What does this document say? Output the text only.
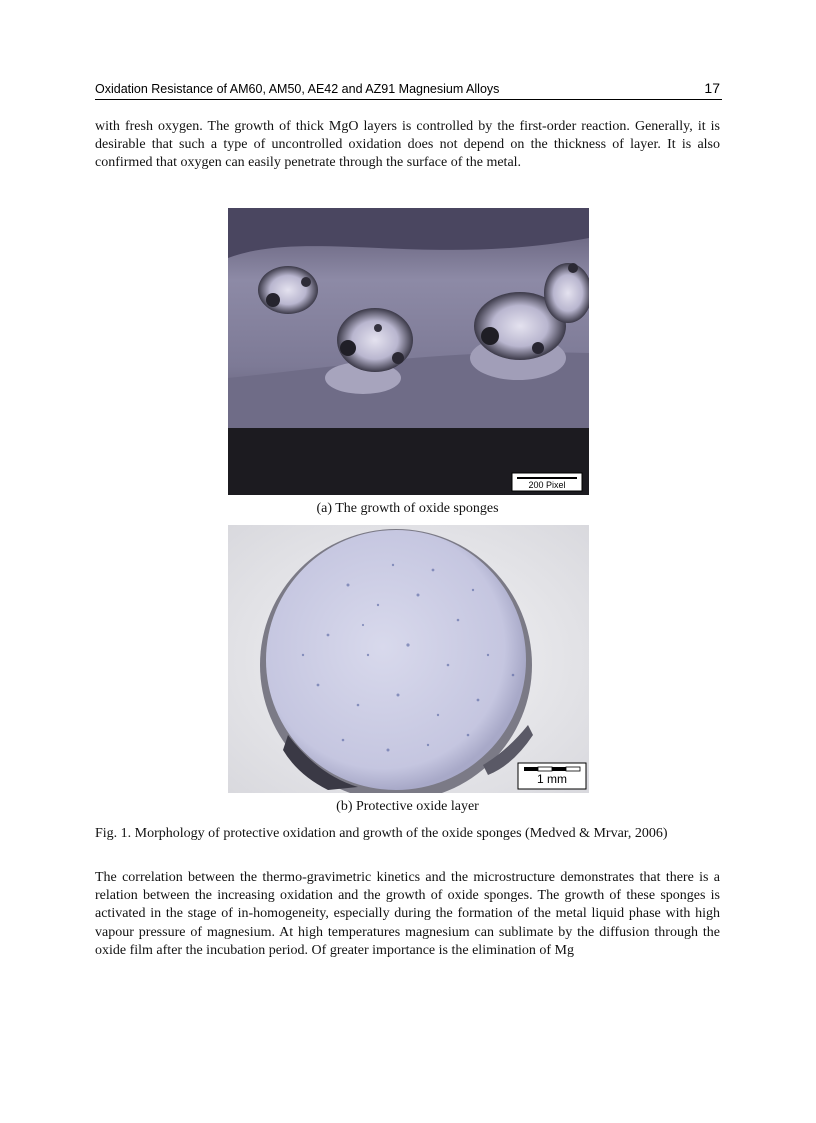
Oxidation Resistance of AM60, AM50, AE42 and AZ91 Magnesium Alloys	17

with fresh oxygen. The growth of thick MgO layers is controlled by the first-order reaction. Generally, it is desirable that such a type of uncontrolled oxidation does not depend on the thickness of layer. It is also confirmed that oxygen can easily penetrate through the surface of the metal.

200 Pixel
(a) The growth of oxide sponges
1 mm
(b) Protective oxide layer
Fig. 1. Morphology of protective oxidation and growth of the oxide sponges (Medved & Mrvar, 2006)

The correlation between the thermo-gravimetric kinetics and the microstructure demonstrates that there is a relation between the increasing oxidation and the growth of oxide sponges. The growth of these sponges is activated in the stage of in-homogeneity, especially during the formation of the metal liquid phase with high vapour pressure of magnesium. At high temperatures magnesium can sublimate by the diffusion through the oxide film after the incubation period. Of greater importance is the elimination of Mg
